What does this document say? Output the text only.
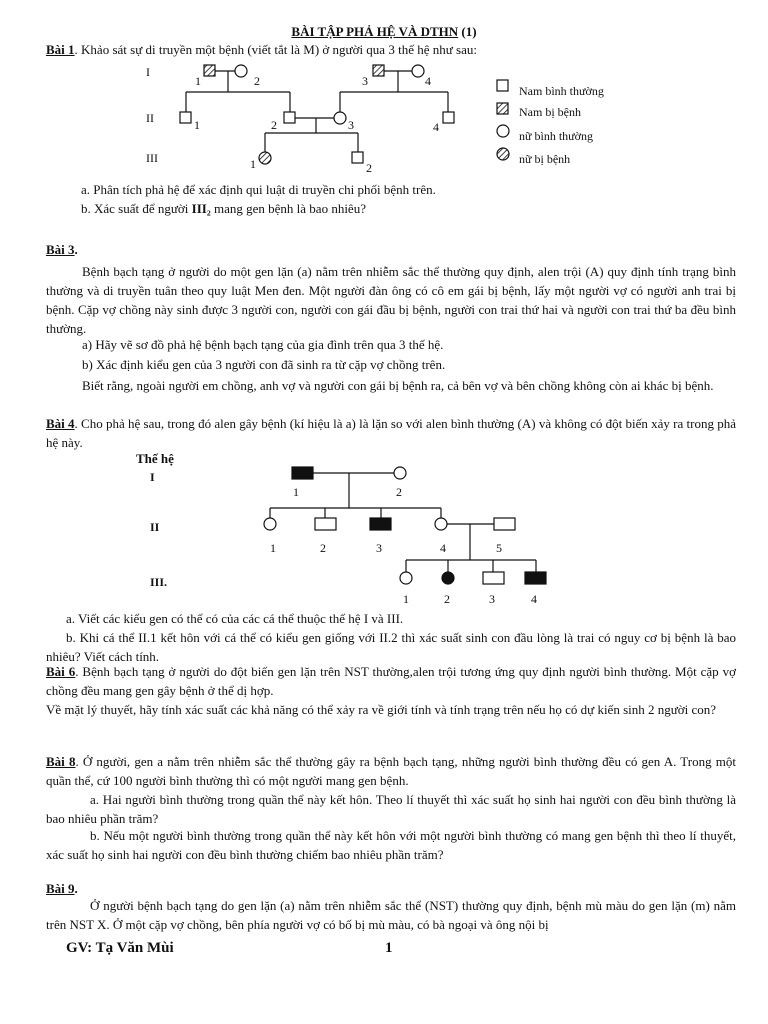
BÀI TẬP PHẢ HỆ VÀ DTHN (1)
Bài 1. Khảo sát sự di truyền một bệnh (viết tắt là M) ở người qua 3 thế hệ như sau:
I
II
III
1	2	3	4
1	2	3	4
1	2
Nam bình thường
Nam bị bệnh
nữ bình thường
nữ bị bệnh
a. Phân tích phả hệ để xác định qui luật di truyền chi phối bệnh trên.
b. Xác suất để người III₂ mang gen bệnh là bao nhiêu?
Bài 3.
Bệnh bạch tạng ở người do một gen lặn (a) nằm trên nhiễm sắc thể thường quy định, alen trội (A) quy định tính trạng bình thường và di truyền tuân theo quy luật Men đen. Một người đàn ông có cô em gái bị bệnh, lấy một người vợ có người anh trai bị bệnh. Cặp vợ chồng này sinh được 3 người con, người con gái đầu bị bệnh, người con trai thứ hai và người con trai thứ ba đều bình thường.
a) Hãy vẽ sơ đồ phả hệ bệnh bạch tạng của gia đình trên qua 3 thế hệ.
b) Xác định kiểu gen của 3 người con đã sinh ra từ cặp vợ chồng trên.
Biết rằng, ngoài người em chồng, anh vợ và người con gái bị bệnh ra, cả bên vợ và bên chồng không còn ai khác bị bệnh.
Bài 4. Cho phả hệ sau, trong đó alen gây bệnh (kí hiệu là a) là lặn so với alen bình thường (A) và không có đột biến xảy ra trong phả hệ này.
Thế hệ
I
II
III.
1	2
1	2	3	4	5
1	2	3	4
a. Viết các kiểu gen có thể có của các cá thể thuộc thế hệ I và III.
b. Khi cá thể II.1 kết hôn với cá thể có kiểu gen giống với II.2 thì xác suất sinh con đầu lòng là trai có nguy cơ bị bệnh là bao nhiêu? Viết cách tính.
Bài 6. Bệnh bạch tạng ở người do đột biến gen lặn trên NST thường,alen trội tương ứng quy định người bình thường. Một cặp vợ chồng đều mang gen gây bệnh ở thể dị hợp.
Về mặt lý thuyết, hãy tính xác suất các khả năng có thể xảy ra về giới tính và tính trạng trên nếu họ có dự kiến sinh 2 người con?
Bài 8. Ở người, gen a nằm trên nhiễm sắc thể thường gây ra bệnh bạch tạng, những người bình thường đều có gen A. Trong một quần thể, cứ 100 người bình thường thì có một người mang gen bệnh.
a. Hai người bình thường trong quần thể này kết hôn. Theo lí thuyết thì xác suất họ sinh hai người con đều bình thường là bao nhiêu phần trăm?
b. Nếu một người bình thường trong quần thể này kết hôn với một người bình thường có mang gen bệnh thì theo lí thuyết, xác suất họ sinh hai người con đều bình thường chiếm bao nhiêu phần trăm?
Bài 9.
Ở người bệnh bạch tạng do gen lặn (a) nằm trên nhiễm sắc thể (NST) thường quy định, bệnh mù màu do gen lặn (m) nằm trên NST X. Ở một cặp vợ chồng, bên phía người vợ có bố bị mù màu, có bà ngoại và ông nội bị
GV: Tạ Văn Mùi	1
